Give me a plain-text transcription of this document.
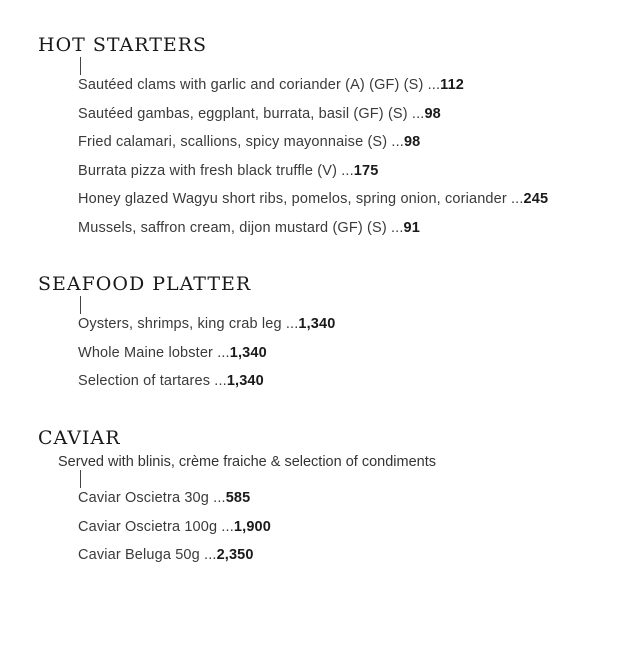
HOT STARTERS
Sautéed clams with garlic and coriander (A) (GF) (S) ...112
Sautéed gambas, eggplant, burrata, basil (GF) (S) ...98
Fried calamari, scallions, spicy mayonnaise (S) ...98
Burrata pizza with fresh black truffle (V) ...175
Honey glazed Wagyu short ribs, pomelos, spring onion, coriander ...245
Mussels, saffron cream, dijon mustard (GF) (S) ...91
SEAFOOD PLATTER
Oysters, shrimps, king crab leg ...1,340
Whole Maine lobster ...1,340
Selection of tartares ...1,340
CAVIAR

Served with blinis, crème fraiche & selection of condiments

Caviar Oscietra 30g ...585
Caviar Oscietra 100g ...1,900
Caviar Beluga 50g ...2,350
